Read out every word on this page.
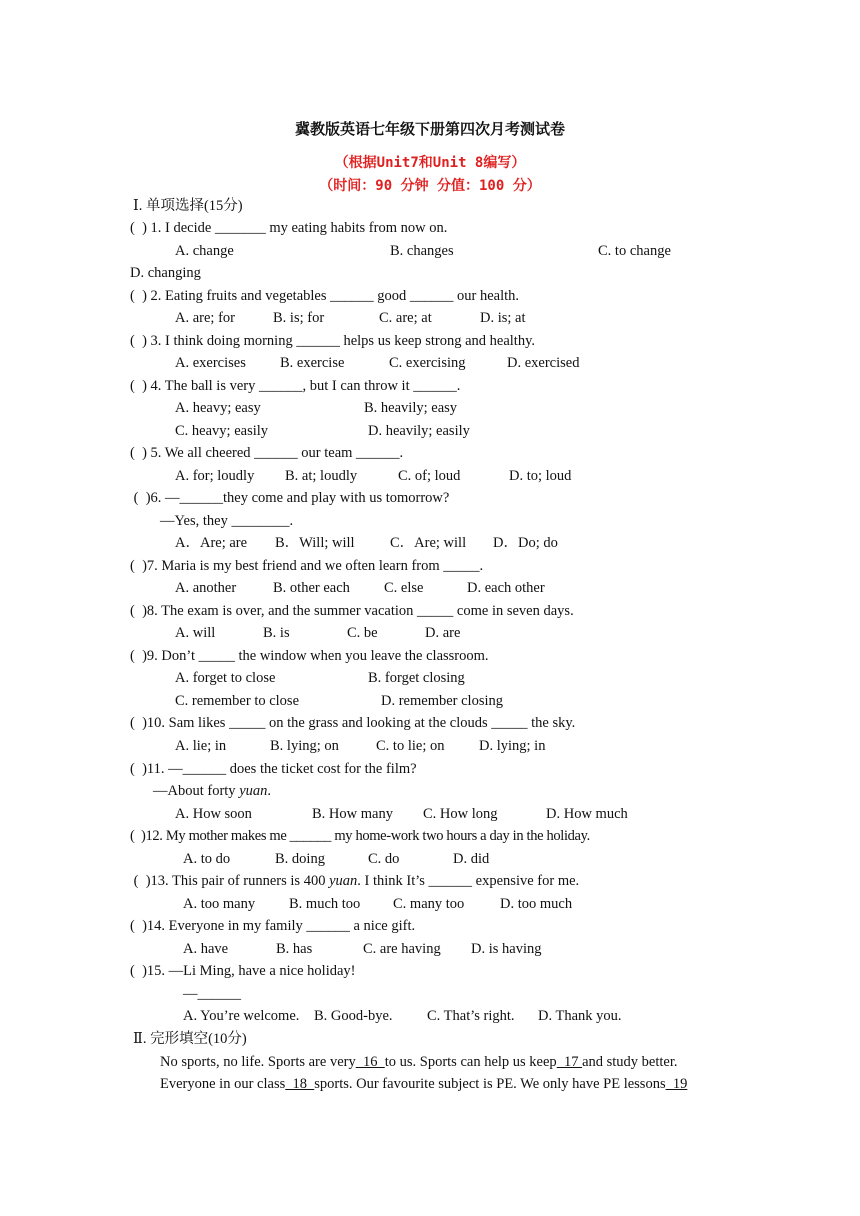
冀教版英语七年级下册第四次月考测试卷
（根据Unit7和Unit 8编写）
（时间：90 分钟 分值：100 分）
Ⅰ. 单项选择(15分)
(  ) 1. I decide _______ my eating habits from now on.
A. change	B. changes	C. to change
D. changing
(  ) 2. Eating fruits and vegetables ______ good ______ our health.
A. are; for	B. is; for	C. are; at	D. is; at
(  ) 3. I think doing morning ______ helps us keep strong and healthy.
A. exercises B. exercise	C. exercising	D. exercised
(  ) 4. The ball is very ______, but I can throw it ______.
A. heavy; easy	B. heavily; easy
C. heavy; easily	D. heavily; easily
(  ) 5. We all cheered ______ our team ______.
A. for; loudly B. at; loudly	C. of; loud	D. to; loud
(  )6. —______they come and play with us tomorrow?
—Yes, they ________.
A．Are; are B．Will; will C．Are; will D．Do; do
(  )7. Maria is my best friend and we often learn from _____.
A. another	B. other each C. else	D. each other
(  )8. The exam is over, and the summer vacation _____ come in seven days.
A. will	B. is	C. be	D. are
(  )9. Don’t _____ the window when you leave the classroom.
A. forget to close	B. forget closing
C. remember to close	D. remember closing
(  )10. Sam likes _____ on the grass and looking at the clouds _____ the sky.
A. lie; in	B. lying; on	C. to lie; on D. lying; in
(  )11. —______ does the ticket cost for the film?
—About forty yuan.
A. How soon	B. How many C. How long	D. How much
(  )12. My mother makes me ______ my home-work two hours a day in the holiday.
A. to do	B. doing	C. do	D. did
(  )13. This pair of runners is 400 yuan. I think It’s ______ expensive for me.
A. too many B. much too C. many too D. too much
(  )14. Everyone in my family ______ a nice gift.
A. have	B. has	C. are having D. is having
(  )15. —Li Ming, have a nice holiday!
—______
A. You’re welcome. B. Good-bye. C. That’s right. D. Thank you.
Ⅱ. 完形填空(10分)
No sports, no life. Sports are very  16  to us. Sports can help us keep  17 and study better.
Everyone in our class  18  sports. Our favourite subject is PE. We only have PE lessons  19
